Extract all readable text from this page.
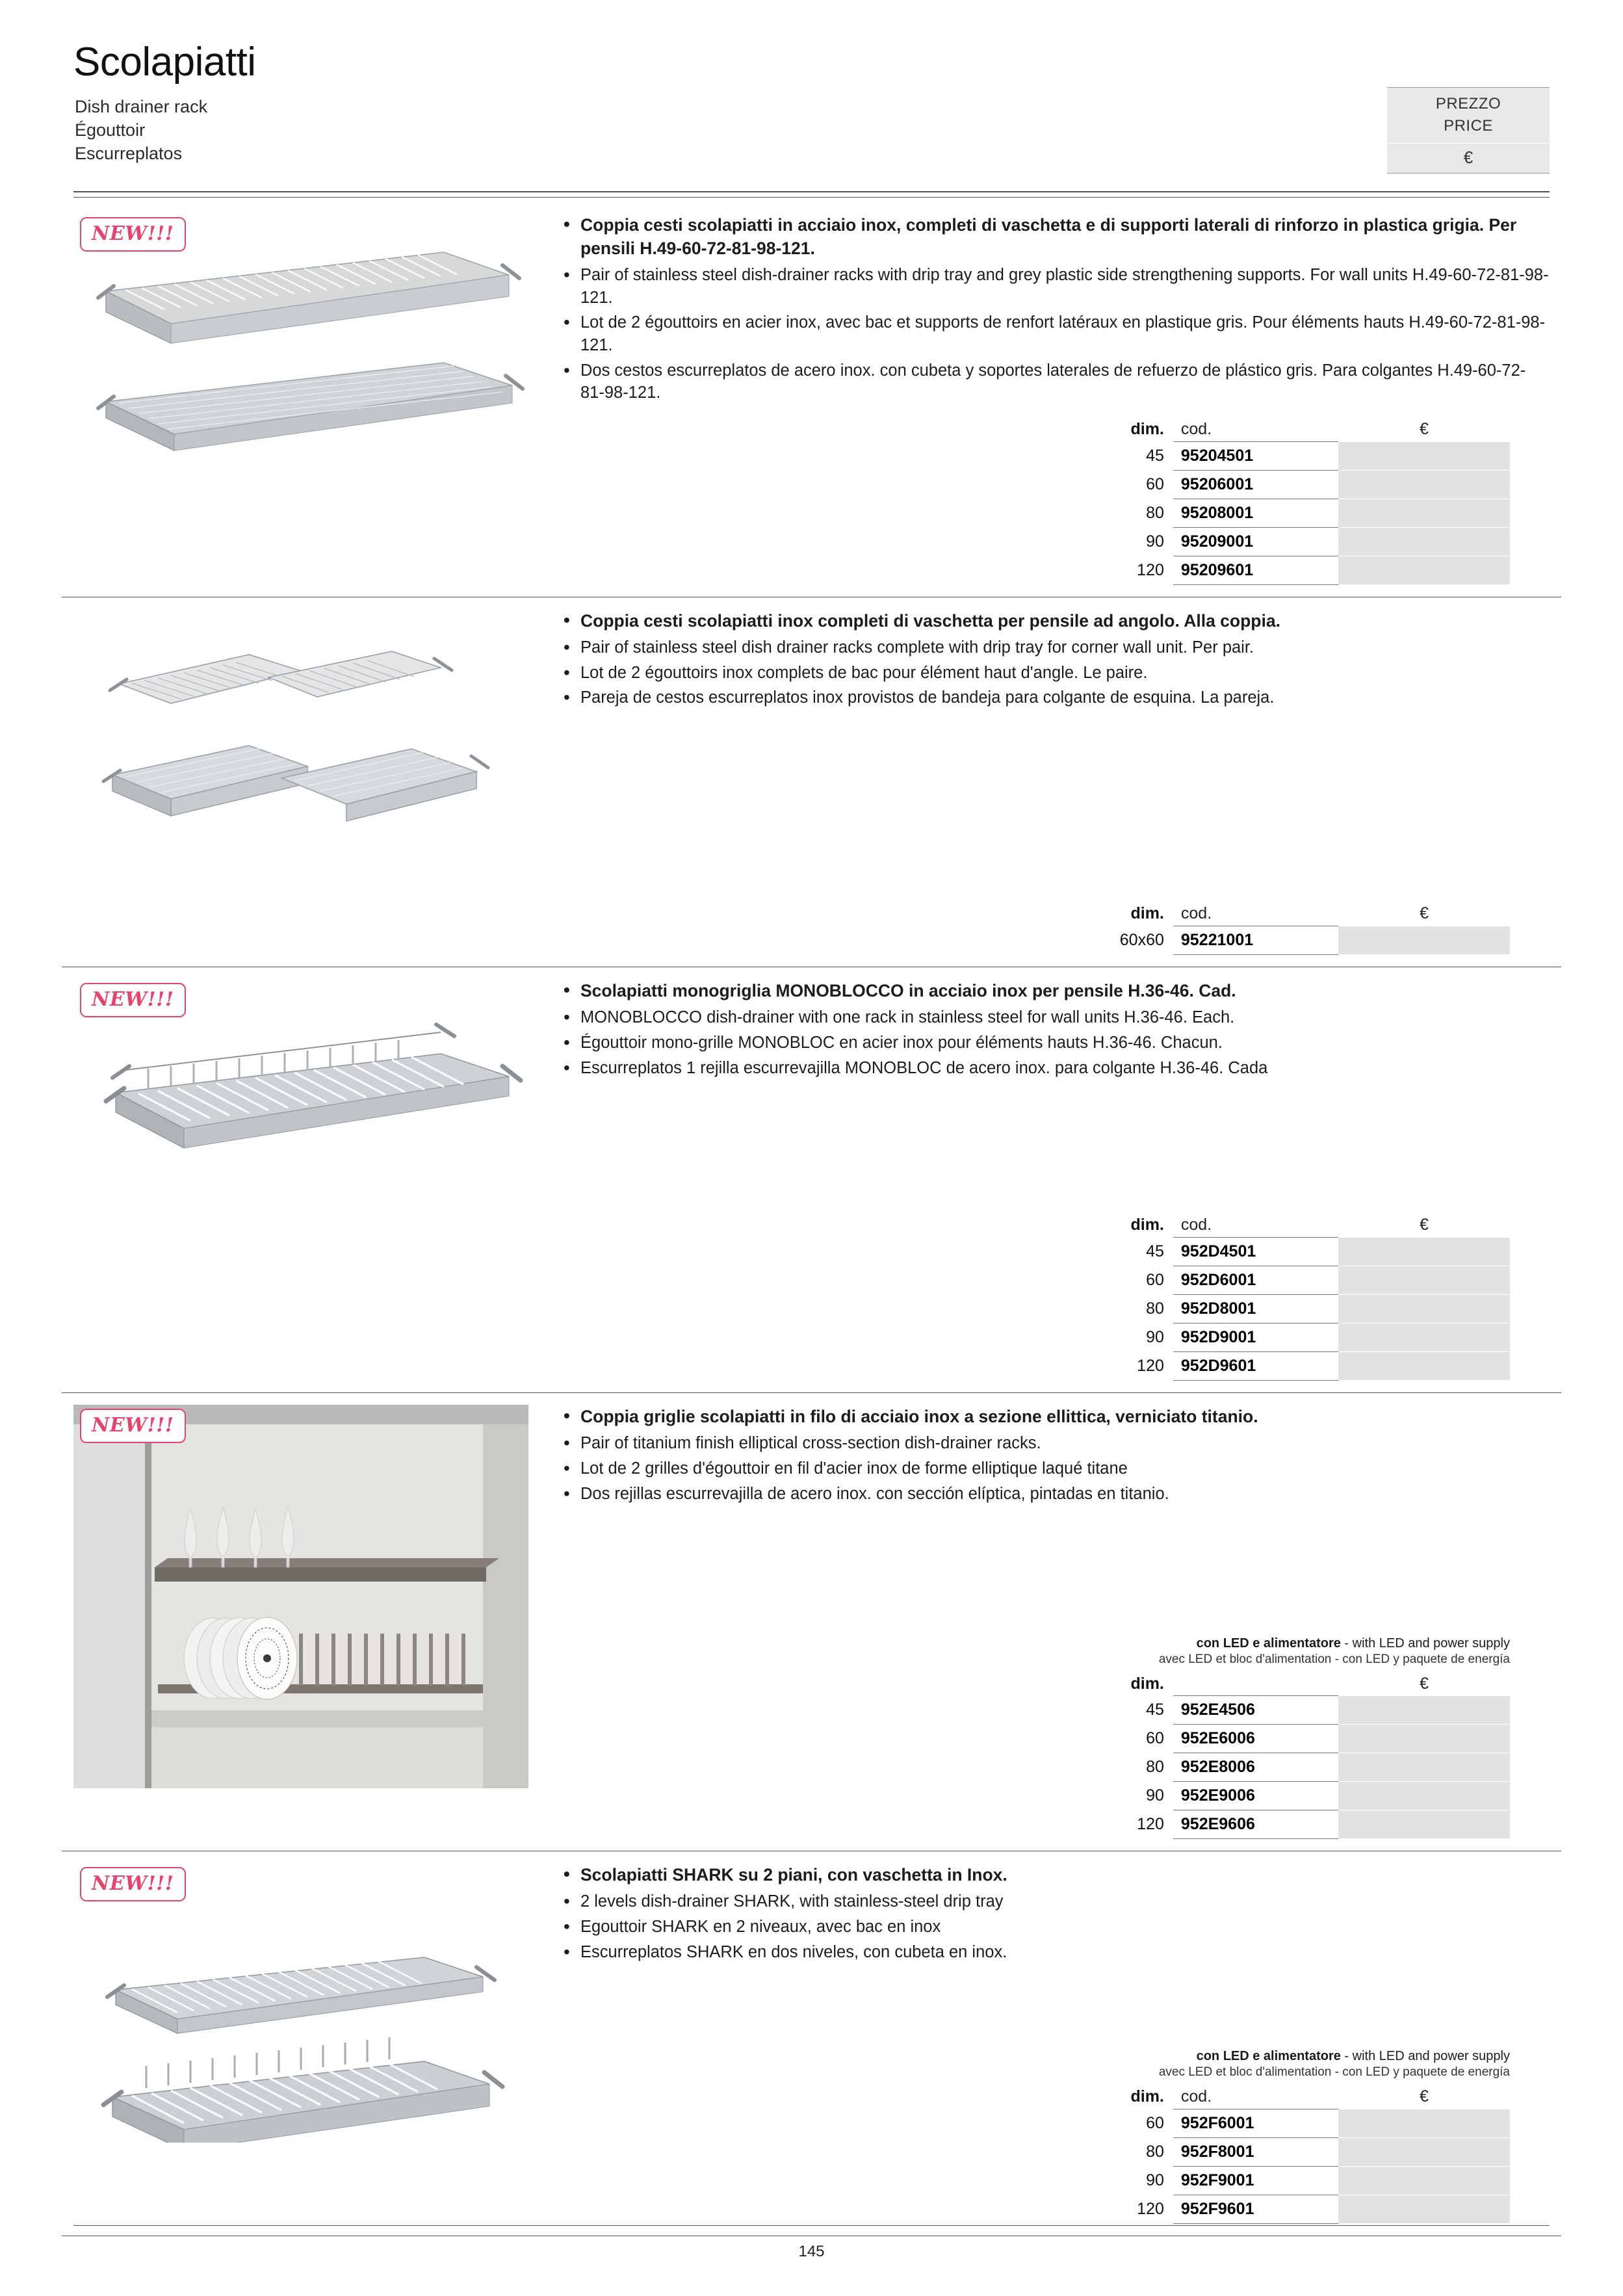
Scolapiatti
Dish drainer rack
Égouttoir
Escurreplatos
PREZZO
PRICE
€
NEW!!!	• Coppia cesti scolapiatti in acciaio inox, completi di vaschetta e di supporti laterali di rinforzo in plastica grigia. Per pensili H.49-60-72-81-98-121.
• Pair of stainless steel dish-drainer racks with drip tray and grey plastic side strengthening supports. For wall units H.49-60-72-81-98-121.
• Lot de 2 égouttoirs en acier inox, avec bac et supports de renfort latéraux en plastique gris. Pour éléments hauts H.49-60-72-81-98-121.
• Dos cestos escurreplatos de acero inox. con cubeta y soportes laterales de refuerzo de plástico gris. Para colgantes H.49-60-72-81-98-121.
dim.	cod.	€
45	95204501	
60	95206001	
80	95208001	
90	95209001	
120	95209601	
• Coppia cesti scolapiatti inox completi di vaschetta per pensile ad angolo. Alla coppia.
• Pair of stainless steel dish drainer racks complete with drip tray for corner wall unit. Per pair.
• Lot de 2 égouttoirs inox complets de bac pour élément haut d'angle. Le paire.
• Pareja de cestos escurreplatos inox provistos de bandeja para colgante de esquina. La pareja.
dim.	cod.	€
60x60	95221001	
NEW!!!	• Scolapiatti monogriglia MONOBLOCCO in acciaio inox per pensile H.36-46. Cad.
• MONOBLOCCO dish-drainer with one rack in stainless steel for wall units H.36-46. Each.
• Égouttoir mono-grille MONOBLOC en acier inox pour éléments hauts H.36-46. Chacun.
• Escurreplatos 1 rejilla escurrevajilla MONOBLOC de acero inox. para colgante H.36-46. Cada
dim.	cod.	€
45	952D4501	
60	952D6001	
80	952D8001	
90	952D9001	
120	952D9601	
NEW!!!	• Coppia griglie scolapiatti in filo di acciaio inox a sezione ellittica, verniciato titanio.
• Pair of titanium finish elliptical cross-section dish-drainer racks.
• Lot de 2 grilles d'égouttoir en fil d'acier inox de forme elliptique laqué titane
• Dos rejillas escurrevajilla de acero inox. con sección elíptica, pintadas en titanio.
con LED e alimentatore - with LED and power supply
avec LED et bloc d'alimentation - con LED y paquete de energía
dim.		€
45	952E4506	
60	952E6006	
80	952E8006	
90	952E9006	
120	952E9606	
NEW!!!	• Scolapiatti SHARK su 2 piani, con vaschetta in Inox.
• 2 levels dish-drainer SHARK, with stainless-steel drip tray
• Egouttoir SHARK en 2 niveaux, avec bac en inox
• Escurreplatos SHARK en dos niveles, con cubeta en inox.
con LED e alimentatore - with LED and power supply
avec LED et bloc d'alimentation - con LED y paquete de energía
dim.	cod.	€
60	952F6001	
80	952F8001	
90	952F9001	
120	952F9601	
145
